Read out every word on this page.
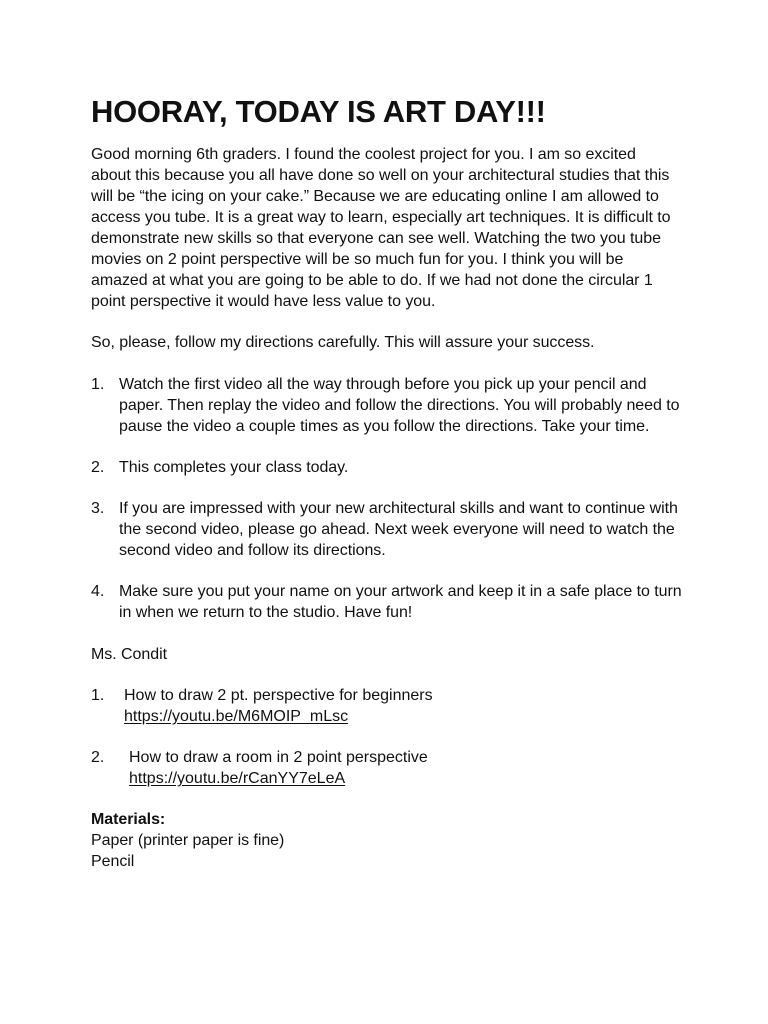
HOORAY, TODAY IS ART DAY!!!

Good morning 6th graders. I found the coolest project for you. I am so excited about this because you all have done so well on your architectural studies that this will be “the icing on your cake.” Because we are educating online I am allowed to access you tube. It is a great way to learn, especially art techniques. It is difficult to demonstrate new skills so that everyone can see well. Watching the two you tube movies on 2 point perspective will be so much fun for you. I think you will be amazed at what you are going to be able to do. If we had not done the circular 1 point perspective it would have less value to you.

So, please, follow my directions carefully. This will assure your success.

1. Watch the first video all the way through before you pick up your pencil and paper. Then replay the video and follow the directions. You will probably need to pause the video a couple times as you follow the directions. Take your time.
2. This completes your class today.
3. If you are impressed with your new architectural skills and want to continue with the second video, please go ahead. Next week everyone will need to watch the second video and follow its directions.
4. Make sure you put your name on your artwork and keep it in a safe place to turn in when we return to the studio. Have fun!

Ms. Condit

1.	How to draw 2 pt. perspective for beginners
https://youtu.be/M6MOIP_mLsc
2.	How to draw a room in 2 point perspective
https://youtu.be/rCanYY7eLeA
Materials:
Paper (printer paper is fine)
Pencil
